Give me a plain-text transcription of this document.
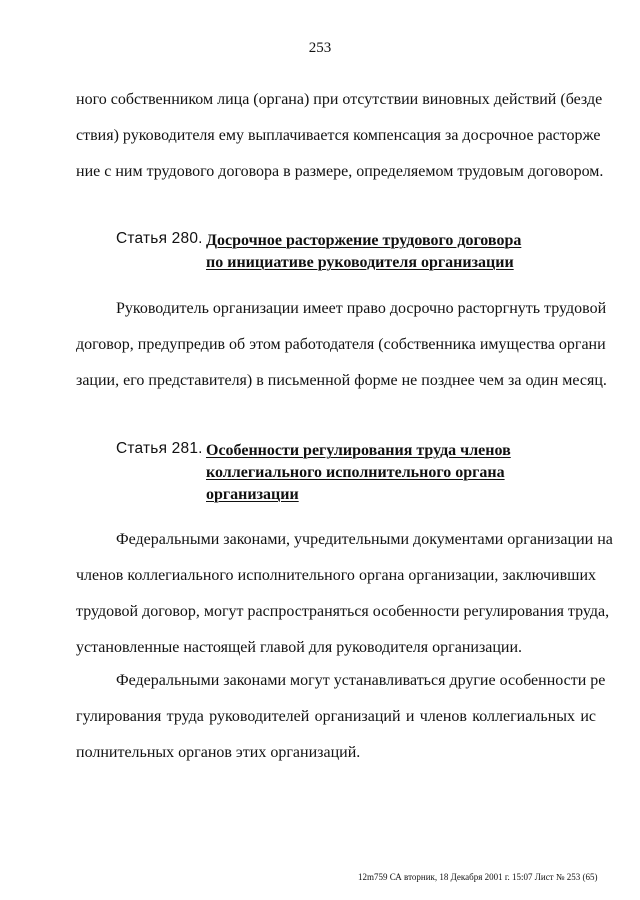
253
ного собственником лица (органа) при отсутствии виновных действий (безде
ствия) руководителя ему выплачивается компенсация за досрочное расторже
ние с ним трудового договора в размере, определяемом трудовым договором.
Статья 280. Досрочное расторжение трудового договора
по инициативе руководителя организации
Руководитель организации имеет право досрочно расторгнуть трудовой
договор, предупредив об этом работодателя (собственника имущества органи
зации, его представителя) в письменной форме не позднее чем за один месяц.
Статья 281. Особенности регулирования труда членов
коллегиального исполнительного органа
организации
Федеральными законами, учредительными документами организации на
членов коллегиального исполнительного органа организации, заключивших
трудовой договор, могут распространяться особенности регулирования труда,
установленные настоящей главой для руководителя организации.
Федеральными законами могут устанавливаться другие особенности ре
гулирования труда руководителей организаций и членов коллегиальных ис
полнительных органов этих организаций.
12m759 СА вторник, 18 Декабря 2001 г. 15:07 Лист № 253 (65)
